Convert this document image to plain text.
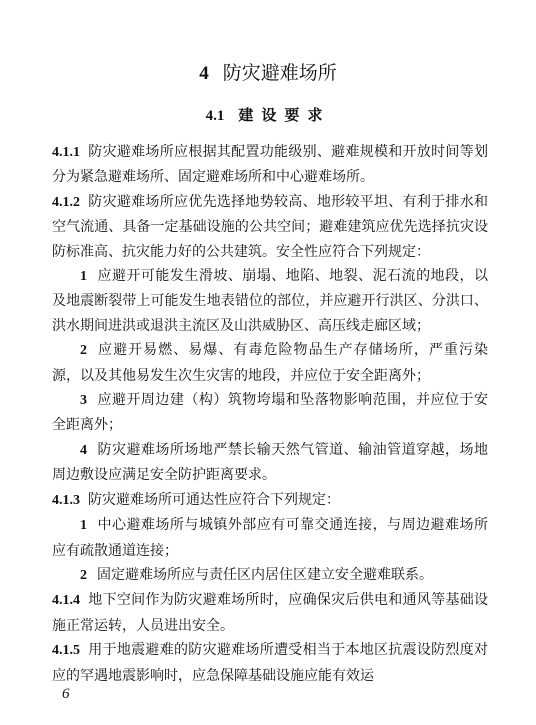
4 防灾避难场所
4.1 建设要求

4.1.1 防灾避难场所应根据其配置功能级别、避难规模和开放时间等划分为紧急避难场所、固定避难场所和中心避难场所。

4.1.2 防灾避难场所应优先选择地势较高、地形较平坦、有利于排水和空气流通、具备一定基础设施的公共空间；避难建筑应优先选择抗灾设防标准高、抗灾能力好的公共建筑。安全性应符合下列规定：

1 应避开可能发生滑坡、崩塌、地陷、地裂、泥石流的地段，以及地震断裂带上可能发生地表错位的部位，并应避开行洪区、分洪口、洪水期间进洪或退洪主流区及山洪威胁区、高压线走廊区域；

2 应避开易燃、易爆、有毒危险物品生产存储场所，严重污染源，以及其他易发生次生灾害的地段，并应位于安全距离外；

3 应避开周边建（构）筑物垮塌和坠落物影响范围，并应位于安全距离外；

4 防灾避难场所场地严禁长输天然气管道、输油管道穿越，场地周边敷设应满足安全防护距离要求。

4.1.3 防灾避难场所可通达性应符合下列规定：

1 中心避难场所与城镇外部应有可靠交通连接，与周边避难场所应有疏散通道连接；

2 固定避难场所应与责任区内居住区建立安全避难联系。

4.1.4 地下空间作为防灾避难场所时，应确保灾后供电和通风等基础设施正常运转，人员进出安全。

4.1.5 用于地震避难的防灾避难场所遭受相当于本地区抗震设防烈度对应的罕遇地震影响时，应急保障基础设施应能有效运

6
